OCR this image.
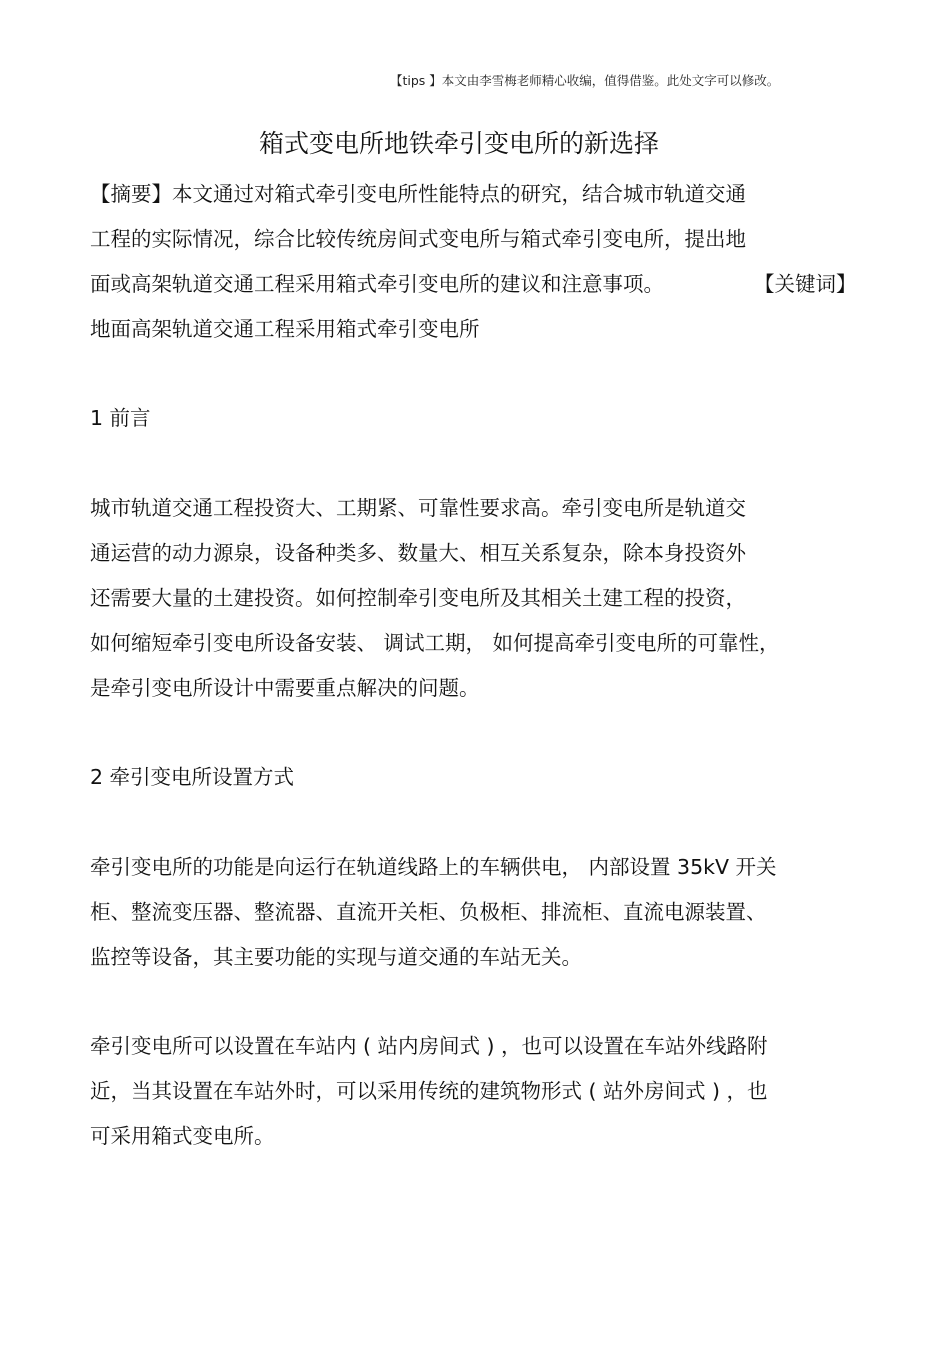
【tips 】本文由李雪梅老师精心收编，值得借鉴。此处文字可以修改。
箱式变电所地铁牵引变电所的新选择
【摘要】本文通过对箱式牵引变电所性能特点的研究，结合城市轨道交通
工程的实际情况，综合比较传统房间式变电所与箱式牵引变电所，提出地
面或高架轨道交通工程采用箱式牵引变电所的建议和注意事项。	【关键词】
地面高架轨道交通工程采用箱式牵引变电所
1 前言
城市轨道交通工程投资大、工期紧、可靠性要求高。牵引变电所是轨道交
通运营的动力源泉，设备种类多、数量大、相互关系复杂，除本身投资外
还需要大量的土建投资。如何控制牵引变电所及其相关土建工程的投资，
如何缩短牵引变电所设备安装、 调试工期， 如何提高牵引变电所的可靠性，
是牵引变电所设计中需要重点解决的问题。
2 牵引变电所设置方式
牵引变电所的功能是向运行在轨道线路上的车辆供电， 内部设置 35kV 开关
柜、整流变压器、整流器、直流开关柜、负极柜、排流柜、直流电源装置、
监控等设备，其主要功能的实现与道交通的车站无关。
牵引变电所可以设置在车站内 ( 站内房间式 ) ，也可以设置在车站外线路附
近，当其设置在车站外时，可以采用传统的建筑物形式 ( 站外房间式 ) ，也
可采用箱式变电所。
